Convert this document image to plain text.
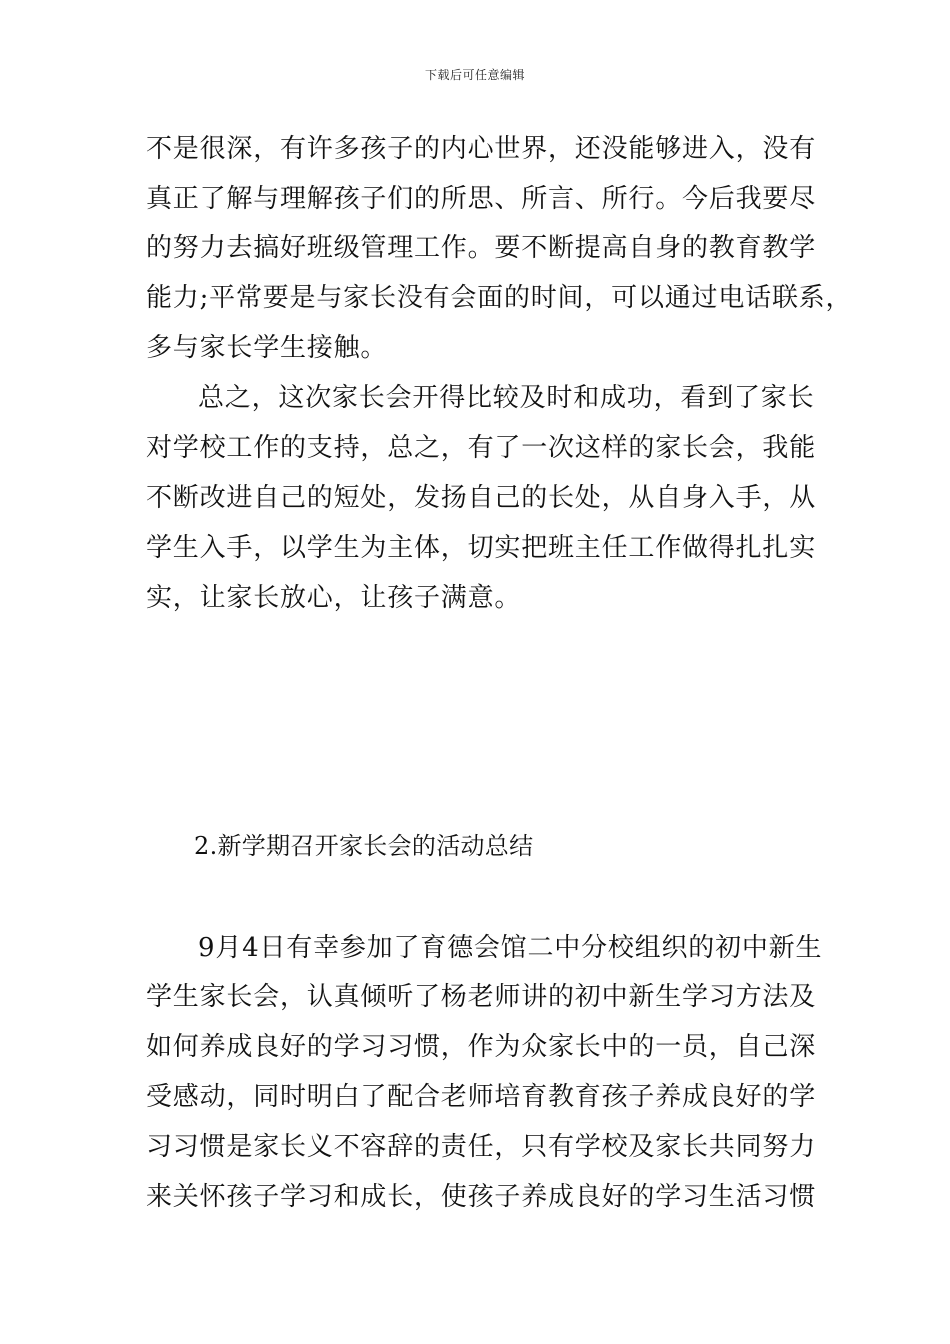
下载后可任意编辑
不是很深，有许多孩子的内心世界，还没能够进入，没有
真正了解与理解孩子们的所思、所言、所行。今后我要尽
的努力去搞好班级管理工作。要不断提高自身的教育教学
能力;平常要是与家长没有会面的时间，可以通过电话联系，
多与家长学生接触。
总之，这次家长会开得比较及时和成功，看到了家长
对学校工作的支持，总之，有了一次这样的家长会，我能
不断改进自己的短处，发扬自己的长处，从自身入手，从
学生入手，以学生为主体，切实把班主任工作做得扎扎实
实，让家长放心，让孩子满意。
2.新学期召开家长会的活动总结
9月4日有幸参加了育德会馆二中分校组织的初中新生
学生家长会，认真倾听了杨老师讲的初中新生学习方法及
如何养成良好的学习习惯，作为众家长中的一员，自己深
受感动，同时明白了配合老师培育教育孩子养成良好的学
习习惯是家长义不容辞的责任，只有学校及家长共同努力
来关怀孩子学习和成长，使孩子养成良好的学习生活习惯
